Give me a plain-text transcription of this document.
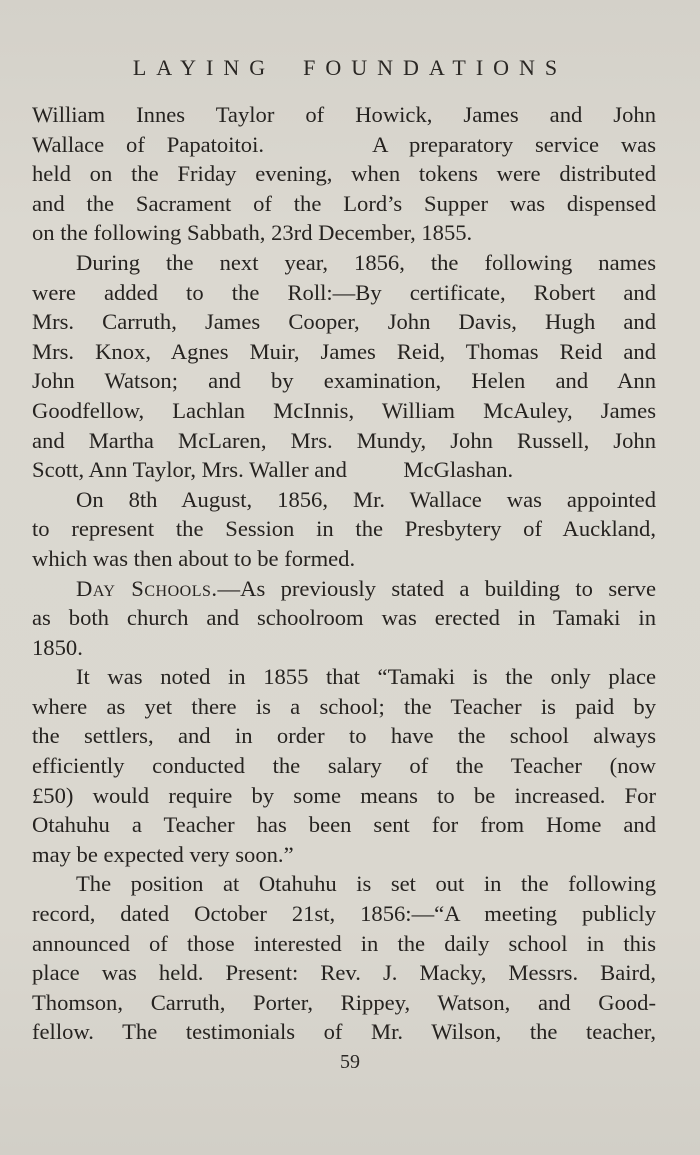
LAYING FOUNDATIONS

William Innes Taylor of Howick, James and John
Wallace of Papatoitoi.     A preparatory service was
held on the Friday evening, when tokens were distributed
and the Sacrament of the Lord’s Supper was dispensed
on the following Sabbath, 23rd December, 1855.

During the next year, 1856, the following names
were added to the Roll:—By certificate, Robert and
Mrs. Carruth, James Cooper, John Davis, Hugh and
Mrs. Knox, Agnes Muir, James Reid, Thomas Reid and
John Watson; and by examination, Helen and Ann
Goodfellow, Lachlan McInnis, William McAuley, James
and Martha McLaren, Mrs. Mundy, John Russell, John
Scott, Ann Taylor, Mrs. Waller and          McGlashan.

On 8th August, 1856, Mr. Wallace was appointed
to represent the Session in the Presbytery of Auckland,
which was then about to be formed.

Day Schools.—As previously stated a building to serve
as both church and schoolroom was erected in Tamaki in
1850.

It was noted in 1855 that “Tamaki is the only place
where as yet there is a school; the Teacher is paid by
the settlers, and in order to have the school always
efficiently conducted the salary of the Teacher (now
£50) would require by some means to be increased. For
Otahuhu a Teacher has been sent for from Home and
may be expected very soon.”

The position at Otahuhu is set out in the following
record, dated October 21st, 1856:—“A meeting publicly
announced of those interested in the daily school in this
place was held. Present: Rev. J. Macky, Messrs. Baird,
Thomson, Carruth, Porter, Rippey, Watson, and Good-
fellow. The testimonials of Mr. Wilson, the teacher,

59
